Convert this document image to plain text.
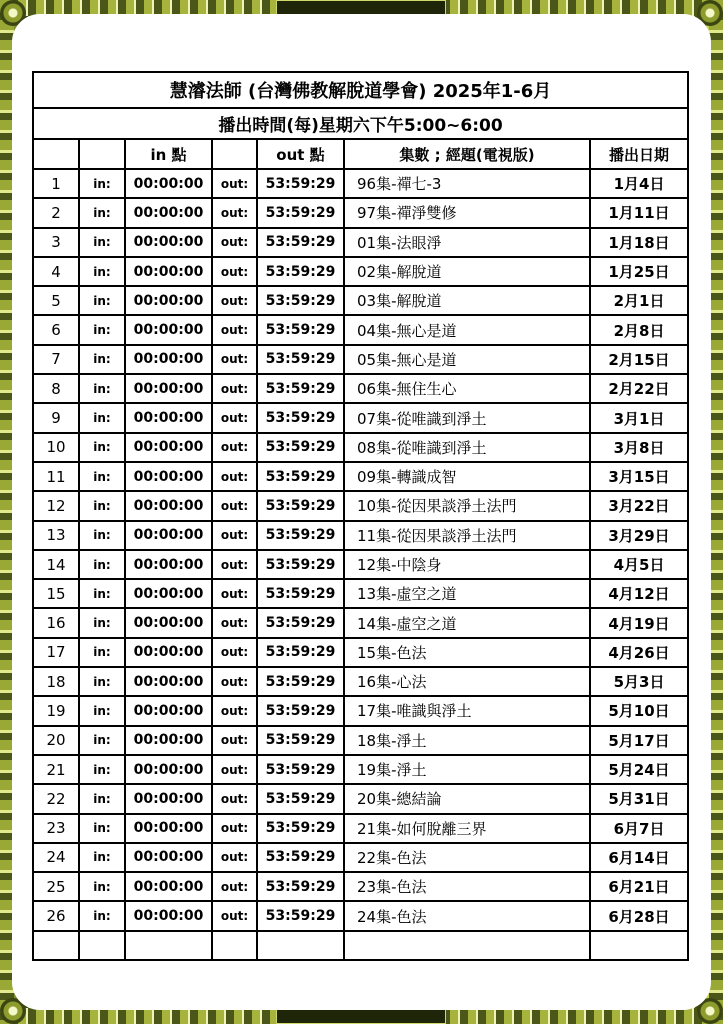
慧濬法師 (台灣佛教解脫道學會) 2025年1-6月						
播出時間(每)星期六下午5:00~6:00						
		in 點		out 點	集數 ; 經題(電視版)	播出日期
1	in:	00:00:00	out:	53:59:29	96集-禪七-3	1月4日
2	in:	00:00:00	out:	53:59:29	97集-禪淨雙修	1月11日
3	in:	00:00:00	out:	53:59:29	01集-法眼淨	1月18日
4	in:	00:00:00	out:	53:59:29	02集-解脫道	1月25日
5	in:	00:00:00	out:	53:59:29	03集-解脫道	2月1日
6	in:	00:00:00	out:	53:59:29	04集-無心是道	2月8日
7	in:	00:00:00	out:	53:59:29	05集-無心是道	2月15日
8	in:	00:00:00	out:	53:59:29	06集-無住生心	2月22日
9	in:	00:00:00	out:	53:59:29	07集-從唯識到淨土	3月1日
10	in:	00:00:00	out:	53:59:29	08集-從唯識到淨土	3月8日
11	in:	00:00:00	out:	53:59:29	09集-轉識成智	3月15日
12	in:	00:00:00	out:	53:59:29	10集-從因果談淨土法門	3月22日
13	in:	00:00:00	out:	53:59:29	11集-從因果談淨土法門	3月29日
14	in:	00:00:00	out:	53:59:29	12集-中陰身	4月5日
15	in:	00:00:00	out:	53:59:29	13集-虛空之道	4月12日
16	in:	00:00:00	out:	53:59:29	14集-虛空之道	4月19日
17	in:	00:00:00	out:	53:59:29	15集-色法	4月26日
18	in:	00:00:00	out:	53:59:29	16集-心法	5月3日
19	in:	00:00:00	out:	53:59:29	17集-唯識與淨土	5月10日
20	in:	00:00:00	out:	53:59:29	18集-淨土	5月17日
21	in:	00:00:00	out:	53:59:29	19集-淨土	5月24日
22	in:	00:00:00	out:	53:59:29	20集-總結論	5月31日
23	in:	00:00:00	out:	53:59:29	21集-如何脫離三界	6月7日
24	in:	00:00:00	out:	53:59:29	22集-色法	6月14日
25	in:	00:00:00	out:	53:59:29	23集-色法	6月21日
26	in:	00:00:00	out:	53:59:29	24集-色法	6月28日
